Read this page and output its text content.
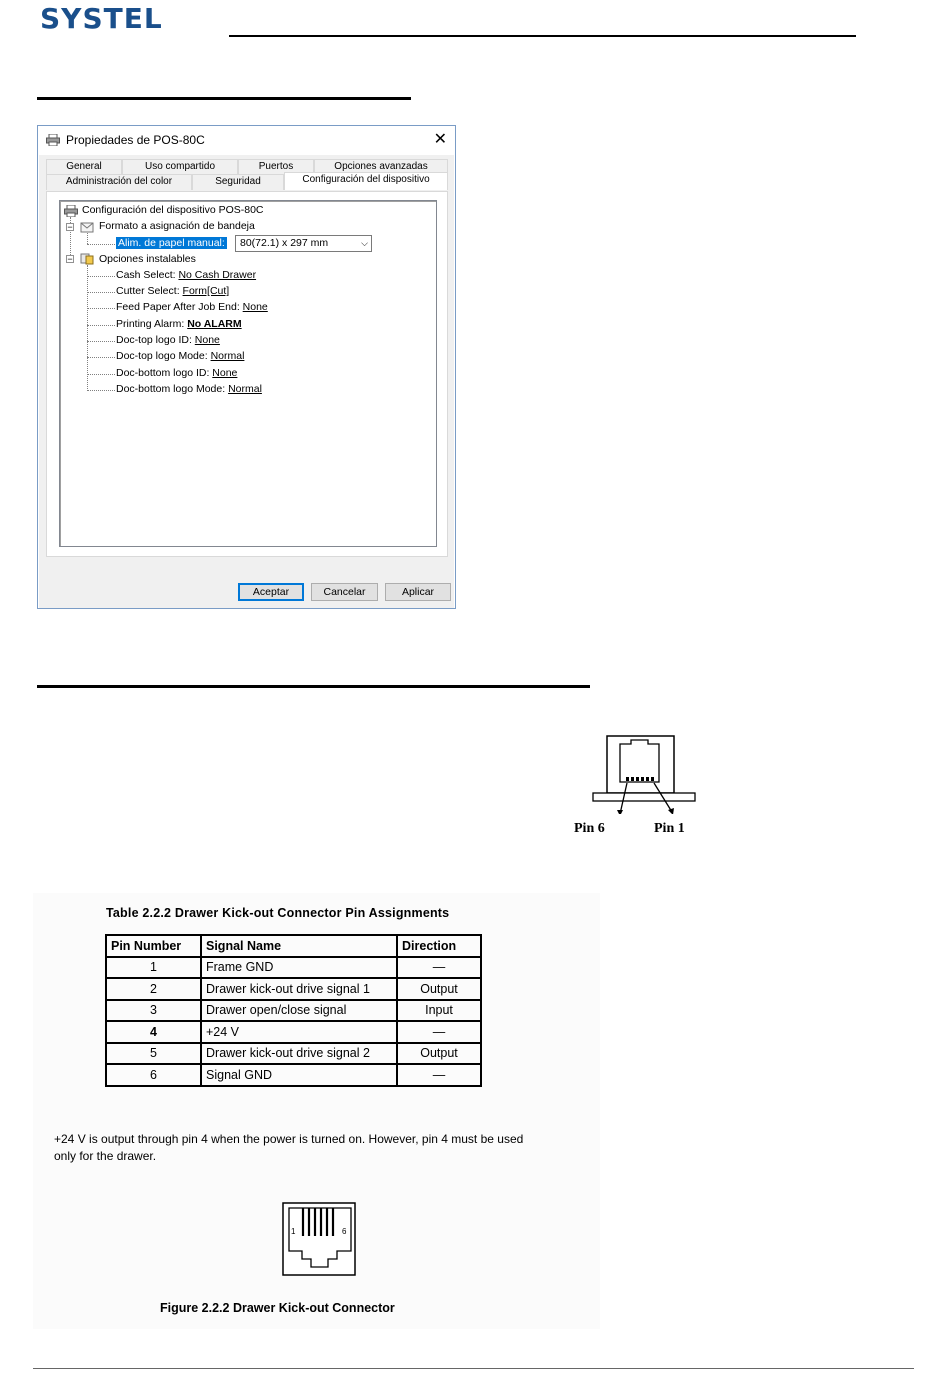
SYSTEL
Propiedades de POS-80C	✕
General	Uso compartido	Puertos	Opciones avanzadas
Administración del color	Seguridad	Configuración del dispositivo
Configuración del dispositivo POS-80C
−	Formato a asignación de bandeja
Alim. de papel manual: 80(72.1) x 297 mm	⌵
−	Opciones instalables
Cash Select: No Cash Drawer
Cutter Select: Form[Cut]
Feed Paper After Job End: None
Printing Alarm: No ALARM
Doc-top logo ID: None
Doc-top logo Mode: Normal
Doc-bottom logo ID: None
Doc-bottom logo Mode: Normal
Aceptar	Cancelar	Aplicar
Pin 6	Pin 1
Table 2.2.2 Drawer Kick-out Connector Pin Assignments
Pin Number	Signal Name	Direction
1	Frame GND	—
2	Drawer kick-out drive signal 1	Output
3	Drawer open/close signal	Input
4	+24 V	—
5	Drawer kick-out drive signal 2	Output
6	Signal GND	—
+24 V is output through pin 4 when the power is turned on. However, pin 4 must be used
only for the drawer.
1	6
Figure 2.2.2 Drawer Kick-out Connector
